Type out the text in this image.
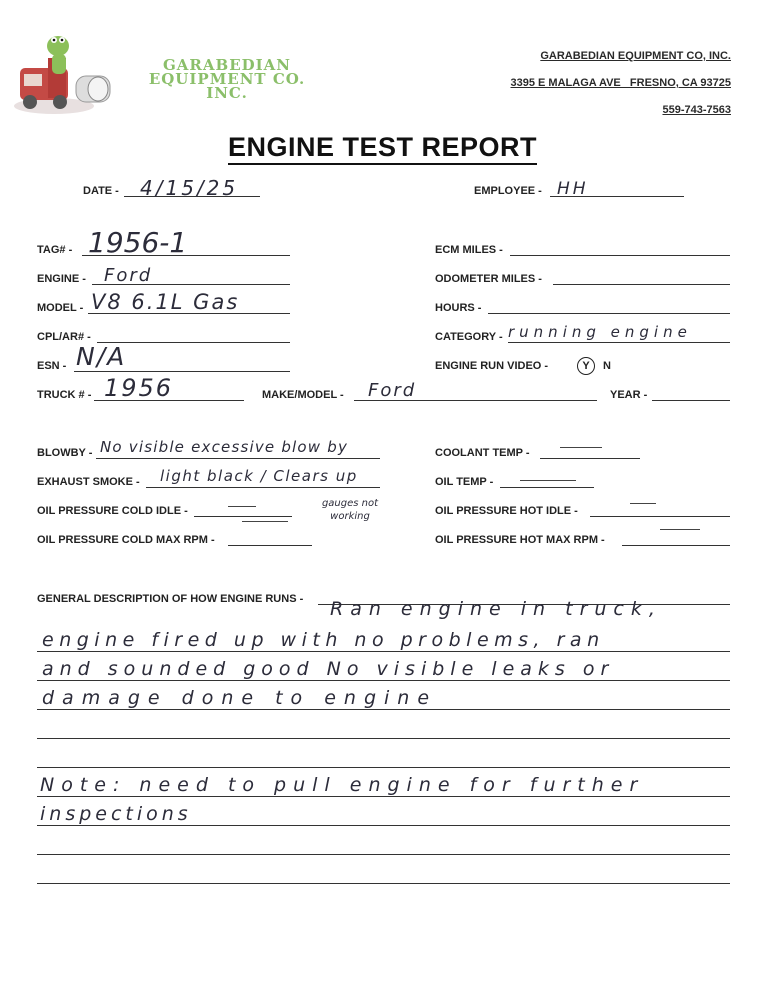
GARABEDIAN
EQUIPMENT CO. INC.
GARABEDIAN EQUIPMENT CO, INC.
3395 E MALAGA AVE   FRESNO, CA 93725
559-743-7563
ENGINE TEST REPORT
DATE - 4/15/25	EMPLOYEE - HH
TAG# - 1956-1
ENGINE - Ford
MODEL - V8 6.1L Gas
CPL/AR# -
ESN - N/A
TRUCK # - 1956	MAKE/MODEL - Ford	YEAR -
ECM MILES -
ODOMETER MILES -
HOURS -
CATEGORY - running engine
ENGINE RUN VIDEO -	Y	N
BLOWBY - No visible excessive blow by
EXHAUST SMOKE - light black / Clears up
OIL PRESSURE COLD IDLE -
OIL PRESSURE COLD MAX RPM -
gauges not working
COOLANT TEMP -
OIL TEMP -
OIL PRESSURE HOT IDLE -
OIL PRESSURE HOT MAX RPM -
GENERAL DESCRIPTION OF HOW ENGINE RUNS - Ran engine in truck,
engine fired up with no problems, ran
and sounded good No visible leaks or
damage done to engine
Note: need to pull engine for further
inspections
